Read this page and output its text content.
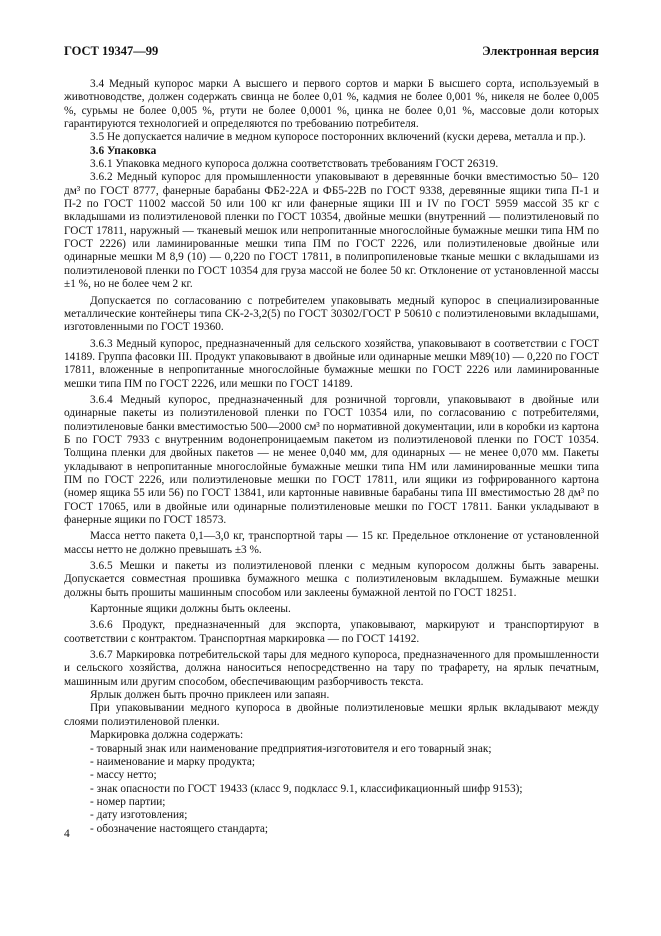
ГОСТ 19347—99	Электронная версия

3.4 Медный купорос марки А высшего и первого сортов и марки Б высшего сорта, используемый в животноводстве, должен содержать свинца не более 0,01 %, кадмия не более 0,001 %, никеля не более 0,005 %, сурьмы не более 0,005 %, ртути не более 0,0001 %, цинка не более 0,01 %, массовые доли которых гарантируются технологией и определяются по требованию потребителя.

3.5 Не допускается наличие в медном купоросе посторонних включений (куски дерева, металла и пр.).

3.6 Упаковка

3.6.1 Упаковка медного купороса должна соответствовать требованиям ГОСТ 26319.

3.6.2 Медный купорос для промышленности упаковывают в деревянные бочки вместимостью 50– 120 дм³ по ГОСТ 8777, фанерные барабаны ФБ2-22А и ФБ5-22В по ГОСТ 9338, деревянные ящики типа П-1 и П-2 по ГОСТ 11002 массой 50 или 100 кг или фанерные ящики III и IV по ГОСТ 5959 массой 35 кг с вкладышами из полиэтиленовой пленки по ГОСТ 10354, двойные мешки (внутренний — полиэтиленовый по ГОСТ 17811, наружный — тканевый мешок или непропитанные многослойные бумажные мешки типа НМ по ГОСТ 2226) или ламинированные мешки типа ПМ по ГОСТ 2226, или полиэтиленовые двойные или одинарные мешки М 8,9 (10) — 0,220 по ГОСТ 17811, в полипропиленовые тканые мешки с вкладышами из полиэтиленовой пленки по ГОСТ 10354 для груза массой не более 50 кг. Отклонение от установленной массы ±1 %, но не более чем 2 кг.

Допускается по согласованию с потребителем упаковывать медный купорос в специализированные металлические контейнеры типа СК-2-3,2(5) по ГОСТ 30302/ГОСТ Р 50610 с полиэтиленовыми вкладышами, изготовленными по ГОСТ 19360.

3.6.3 Медный купорос, предназначенный для сельского хозяйства, упаковывают в соответствии с ГОСТ 14189. Группа фасовки III. Продукт упаковывают в двойные или одинарные мешки М89(10) — 0,220 по ГОСТ 17811, вложенные в непропитанные многослойные бумажные мешки по ГОСТ 2226 или ламинированные мешки типа ПМ по ГОСТ 2226, или мешки по ГОСТ 14189.

3.6.4 Медный купорос, предназначенный для розничной торговли, упаковывают в двойные или одинарные пакеты из полиэтиленовой пленки по ГОСТ 10354 или, по согласованию с потребителями, полиэтиленовые банки вместимостью 500—2000 см³ по нормативной документации, или в коробки из картона Б по ГОСТ 7933 с внутренним водонепроницаемым пакетом из полиэтиленовой пленки по ГОСТ 10354. Толщина пленки для двойных пакетов — не менее 0,040 мм, для одинарных — не менее 0,070 мм. Пакеты укладывают в непропитанные многослойные бумажные мешки типа НМ или ламинированные мешки типа ПМ по ГОСТ 2226, или полиэтиленовые мешки по ГОСТ 17811, или ящики из гофрированного картона (номер ящика 55 или 56) по ГОСТ 13841, или картонные навивные барабаны типа III вместимостью 28 дм³ по ГОСТ 17065, или в двойные или одинарные полиэтиленовые мешки по ГОСТ 17811. Банки укладывают в фанерные ящики по ГОСТ 18573.

Масса нетто пакета 0,1—3,0 кг, транспортной тары — 15 кг. Предельное отклонение от установленной массы нетто не должно превышать ±3 %.

3.6.5 Мешки и пакеты из полиэтиленовой пленки с медным купоросом должны быть заварены. Допускается совместная прошивка бумажного мешка с полиэтиленовым вкладышем. Бумажные мешки должны быть прошиты машинным способом или заклеены бумажной лентой по ГОСТ 18251.

Картонные ящики должны быть оклеены.

3.6.6 Продукт, предназначенный для экспорта, упаковывают, маркируют и транспортируют в соответствии с контрактом. Транспортная маркировка — по ГОСТ 14192.

3.6.7 Маркировка потребительской тары для медного купороса, предназначенного для промышленности и сельского хозяйства, должна наноситься непосредственно на тару по трафарету, на ярлык печатным, машинным или другим способом, обеспечивающим разборчивость текста.

Ярлык должен быть прочно приклеен или запаян.

При упаковывании медного купороса в двойные полиэтиленовые мешки ярлык вкладывают между слоями полиэтиленовой пленки.

Маркировка должна содержать:

- товарный знак или наименование предприятия-изготовителя и его товарный знак;
- наименование и марку продукта;
- массу нетто;
- знак опасности по ГОСТ 19433 (класс 9, подкласс 9.1, классификационный шифр 9153);
- номер партии;
- дату изготовления;
- обозначение настоящего стандарта;
4
